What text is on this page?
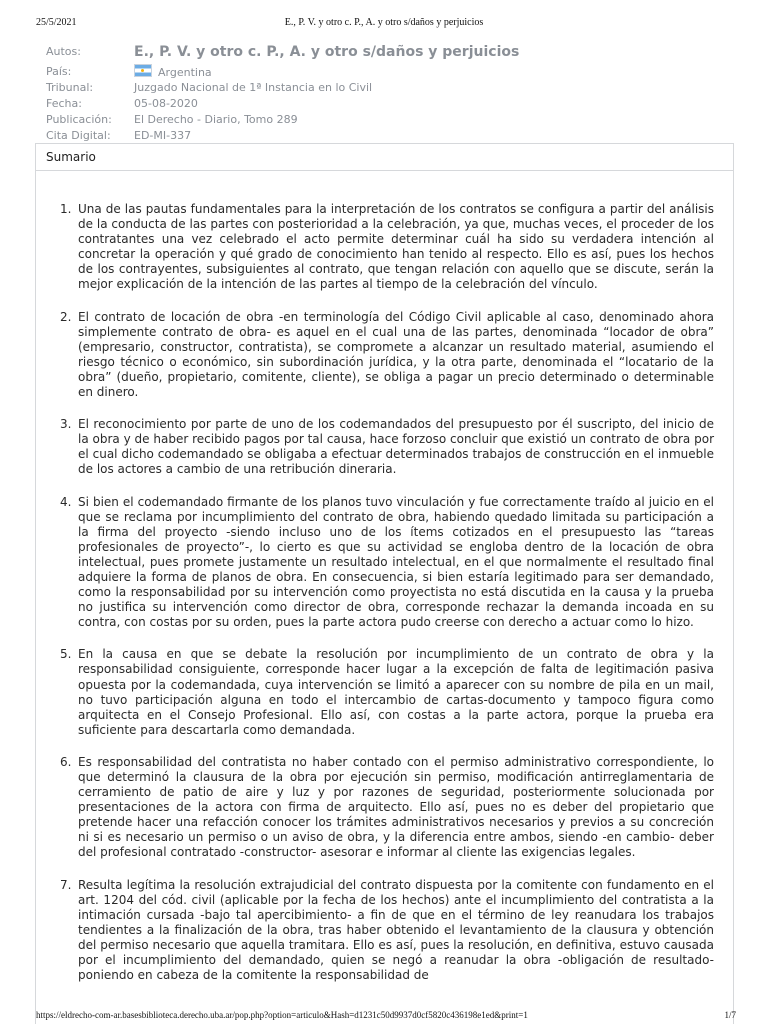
25/5/2021	E., P. V. y otro c. P., A. y otro s/daños y perjuicios
Autos:	E., P. V. y otro c. P., A. y otro s/daños y perjuicios
País:	Argentina
Tribunal:	Juzgado Nacional de 1ª Instancia en lo Civil
Fecha:	05-08-2020
Publicación:	El Derecho - Diario, Tomo 289
Cita Digital:	ED-MI-337
Sumario
1. Una de las pautas fundamentales para la interpretación de los contratos se configura a partir del análisis de la conducta de las partes con posterioridad a la celebración, ya que, muchas veces, el proceder de los contratantes una vez celebrado el acto permite determinar cuál ha sido su verdadera intención al concretar la operación y qué grado de conocimiento han tenido al respecto. Ello es así, pues los hechos de los contrayentes, subsiguientes al contrato, que tengan relación con aquello que se discute, serán la mejor explicación de la intención de las partes al tiempo de la celebración del vínculo.
2. El contrato de locación de obra -en terminología del Código Civil aplicable al caso, denominado ahora simplemente contrato de obra- es aquel en el cual una de las partes, denominada “locador de obra” (empresario, constructor, contratista), se compromete a alcanzar un resultado material, asumiendo el riesgo técnico o económico, sin subordinación jurídica, y la otra parte, denominada el “locatario de la obra” (dueño, propietario, comitente, cliente), se obliga a pagar un precio determinado o determinable en dinero.
3. El reconocimiento por parte de uno de los codemandados del presupuesto por él suscripto, del inicio de la obra y de haber recibido pagos por tal causa, hace forzoso concluir que existió un contrato de obra por el cual dicho codemandado se obligaba a efectuar determinados trabajos de construcción en el inmueble de los actores a cambio de una retribución dineraria.
4. Si bien el codemandado firmante de los planos tuvo vinculación y fue correctamente traído al juicio en el que se reclama por incumplimiento del contrato de obra, habiendo quedado limitada su participación a la firma del proyecto -siendo incluso uno de los ítems cotizados en el presupuesto las “tareas profesionales de proyecto”-, lo cierto es que su actividad se engloba dentro de la locación de obra intelectual, pues promete justamente un resultado intelectual, en el que normalmente el resultado final adquiere la forma de planos de obra. En consecuencia, si bien estaría legitimado para ser demandado, como la responsabilidad por su intervención como proyectista no está discutida en la causa y la prueba no justifica su intervención como director de obra, corresponde rechazar la demanda incoada en su contra, con costas por su orden, pues la parte actora pudo creerse con derecho a actuar como lo hizo.
5. En la causa en que se debate la resolución por incumplimiento de un contrato de obra y la responsabilidad consiguiente, corresponde hacer lugar a la excepción de falta de legitimación pasiva opuesta por la codemandada, cuya intervención se limitó a aparecer con su nombre de pila en un mail, no tuvo participación alguna en todo el intercambio de cartas-documento y tampoco figura como arquitecta en el Consejo Profesional. Ello así, con costas a la parte actora, porque la prueba era suficiente para descartarla como demandada.
6. Es responsabilidad del contratista no haber contado con el permiso administrativo correspondiente, lo que determinó la clausura de la obra por ejecución sin permiso, modificación antirreglamentaria de cerramiento de patio de aire y luz y por razones de seguridad, posteriormente solucionada por presentaciones de la actora con firma de arquitecto. Ello así, pues no es deber del propietario que pretende hacer una refacción conocer los trámites administrativos necesarios y previos a su concreción ni si es necesario un permiso o un aviso de obra, y la diferencia entre ambos, siendo -en cambio- deber del profesional contratado -constructor- asesorar e informar al cliente las exigencias legales.
7. Resulta legítima la resolución extrajudicial del contrato dispuesta por la comitente con fundamento en el art. 1204 del cód. civil (aplicable por la fecha de los hechos) ante el incumplimiento del contratista a la intimación cursada -bajo tal apercibimiento- a fin de que en el término de ley reanudara los trabajos tendientes a la finalización de la obra, tras haber obtenido el levantamiento de la clausura y obtención del permiso necesario que aquella tramitara. Ello es así, pues la resolución, en definitiva, estuvo causada por el incumplimiento del demandado, quien se negó a reanudar la obra -obligación de resultado- poniendo en cabeza de la comitente la responsabilidad de
https://eldrecho-com-ar.basesbiblioteca.derecho.uba.ar/pop.php?option=articulo&Hash=d1231c50d9937d0cf5820c436198e1ed&print=1	1/7
